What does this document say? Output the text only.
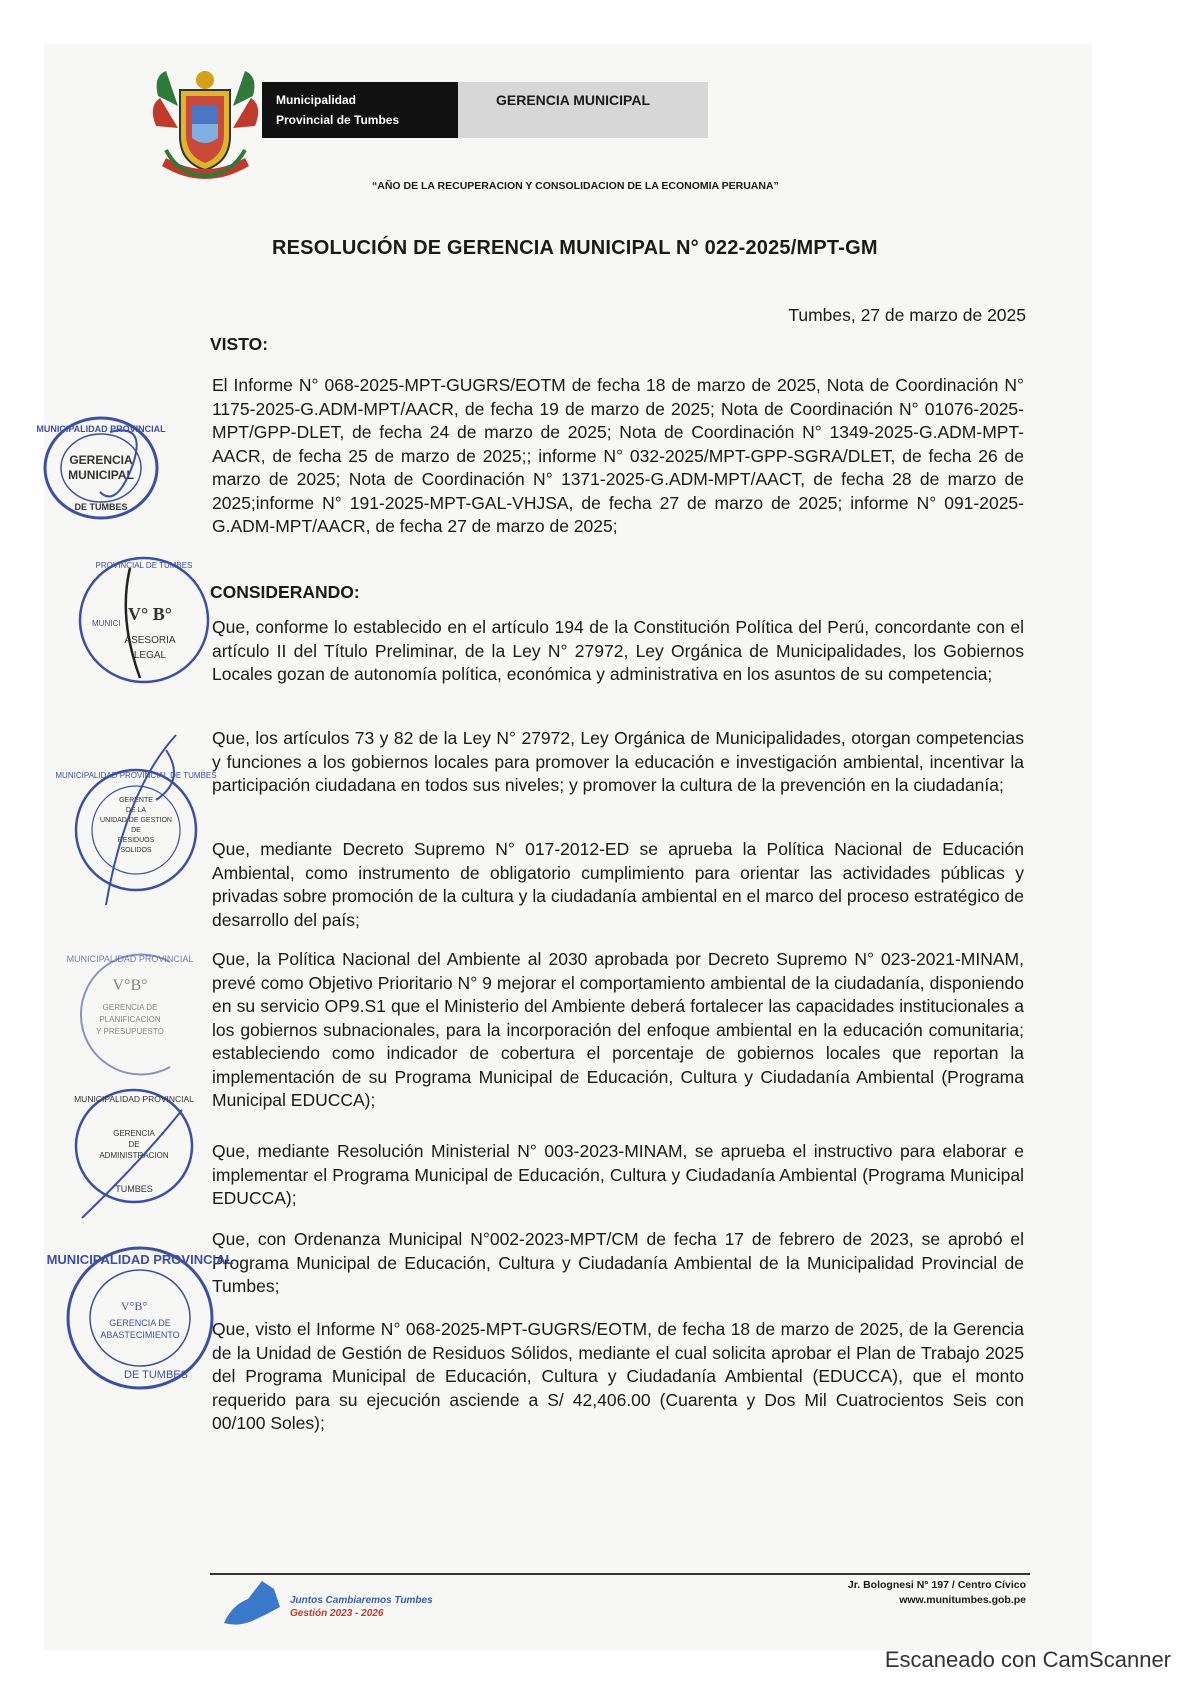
Municipalidad
Provincial de Tumbes
GERENCIA MUNICIPAL
“AÑO DE LA RECUPERACION Y CONSOLIDACION DE LA ECONOMIA PERUANA”
RESOLUCIÓN DE GERENCIA MUNICIPAL N° 022-2025/MPT-GM
Tumbes, 27 de marzo de 2025
VISTO:

El Informe N° 068-2025-MPT-GUGRS/EOTM de fecha 18 de marzo de 2025, Nota de Coordinación N° 1175-2025-G.ADM-MPT/AACR, de fecha 19 de marzo de 2025; Nota de Coordinación N° 01076-2025-MPT/GPP-DLET, de fecha 24 de marzo de 2025; Nota de Coordinación N° 1349-2025-G.ADM-MPT-AACR, de fecha 25 de marzo de 2025;; informe N° 032-2025/MPT-GPP-SGRA/DLET, de fecha 26 de marzo de 2025; Nota de Coordinación N° 1371-2025-G.ADM-MPT/AACT, de fecha 28 de marzo de 2025;informe N° 191-2025-MPT-GAL-VHJSA, de fecha 27 de marzo de 2025; informe N° 091-2025-G.ADM-MPT/AACR, de fecha 27 de marzo de 2025;

CONSIDERANDO:

Que, conforme lo establecido en el artículo 194 de la Constitución Política del Perú, concordante con el artículo II del Título Preliminar, de la Ley N° 27972, Ley Orgánica de Municipalidades, los Gobiernos Locales gozan de autonomía política, económica y administrativa en los asuntos de su competencia;

Que, los artículos 73 y 82 de la Ley N° 27972, Ley Orgánica de Municipalidades, otorgan competencias y funciones a los gobiernos locales para promover la educación e investigación ambiental, incentivar la participación ciudadana en todos sus niveles; y promover la cultura de la prevención en la ciudadanía;

Que, mediante Decreto Supremo N° 017-2012-ED se aprueba la Política Nacional de Educación Ambiental, como instrumento de obligatorio cumplimiento para orientar las actividades públicas y privadas sobre promoción de la cultura y la ciudadanía ambiental en el marco del proceso estratégico de desarrollo del país;

Que, la Política Nacional del Ambiente al 2030 aprobada por Decreto Supremo N° 023-2021-MINAM, prevé como Objetivo Prioritario N° 9 mejorar el comportamiento ambiental de la ciudadanía, disponiendo en su servicio OP9.S1 que el Ministerio del Ambiente deberá fortalecer las capacidades institucionales a los gobiernos subnacionales, para la incorporación del enfoque ambiental en la educación comunitaria; estableciendo como indicador de cobertura el porcentaje de gobiernos locales que reportan la implementación de su Programa Municipal de Educación, Cultura y Ciudadanía Ambiental (Programa Municipal EDUCCA);

Que, mediante Resolución Ministerial N° 003-2023-MINAM, se aprueba el instructivo para elaborar e implementar el Programa Municipal de Educación, Cultura y Ciudadanía Ambiental (Programa Municipal EDUCCA);

Que, con Ordenanza Municipal N°002-2023-MPT/CM de fecha 17 de febrero de 2023, se aprobó el Programa Municipal de Educación, Cultura y Ciudadanía Ambiental de la Municipalidad Provincial de Tumbes;

Que, visto el Informe N° 068-2025-MPT-GUGRS/EOTM, de fecha 18 de marzo de 2025, de la Gerencia de la Unidad de Gestión de Residuos Sólidos, mediante el cual solicita aprobar el Plan de Trabajo 2025 del Programa Municipal de Educación, Cultura y Ciudadanía Ambiental (EDUCCA), que el monto requerido para su ejecución asciende a S/ 42,406.00 (Cuarenta y Dos Mil Cuatrocientos Seis con 00/100 Soles);

MUNICIPALIDAD PROVINCIAL
GERENCIA
MUNICIPAL
DE TUMBES
PROVINCIAL DE TUMBES
MUNICI V° B°
ASESORIA
LEGAL
MUNICIPALIDAD PROVINCIAL DE TUMBES
GERENTE
DE LA
UNIDAD DE GESTION
DE
RESIDUOS
SOLIDOS
MUNICIPALIDAD PROVINCIAL
V°B°
GERENCIA DE
PLANIFICACION
Y PRESUPUESTO
MUNICIPALIDAD PROVINCIAL
GERENCIA
DE
ADMINISTRACION
TUMBES
MUNICIPALIDAD PROVINCIAL
V°B°
GERENCIA DE
ABASTECIMIENTO
DE TUMBES
Juntos Cambiaremos Tumbes
Gestión 2023 - 2026
Jr. Bolognesi N° 197 / Centro Cívico
www.munitumbes.gob.pe
Escaneado con CamScanner
